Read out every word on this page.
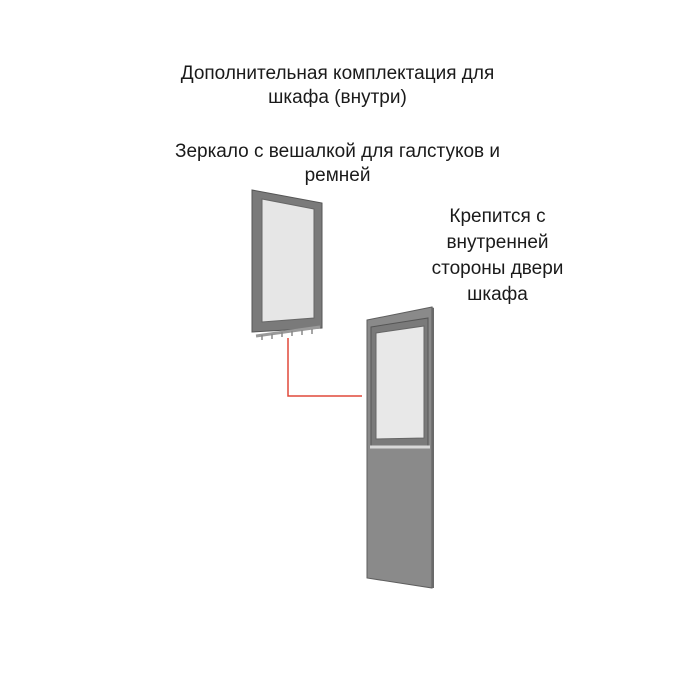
Дополнительная комплектация для
шкафа (внутри)
Зеркало с вешалкой для галстуков и
ремней
Крепится с
внутренней
стороны двери
шкафа
